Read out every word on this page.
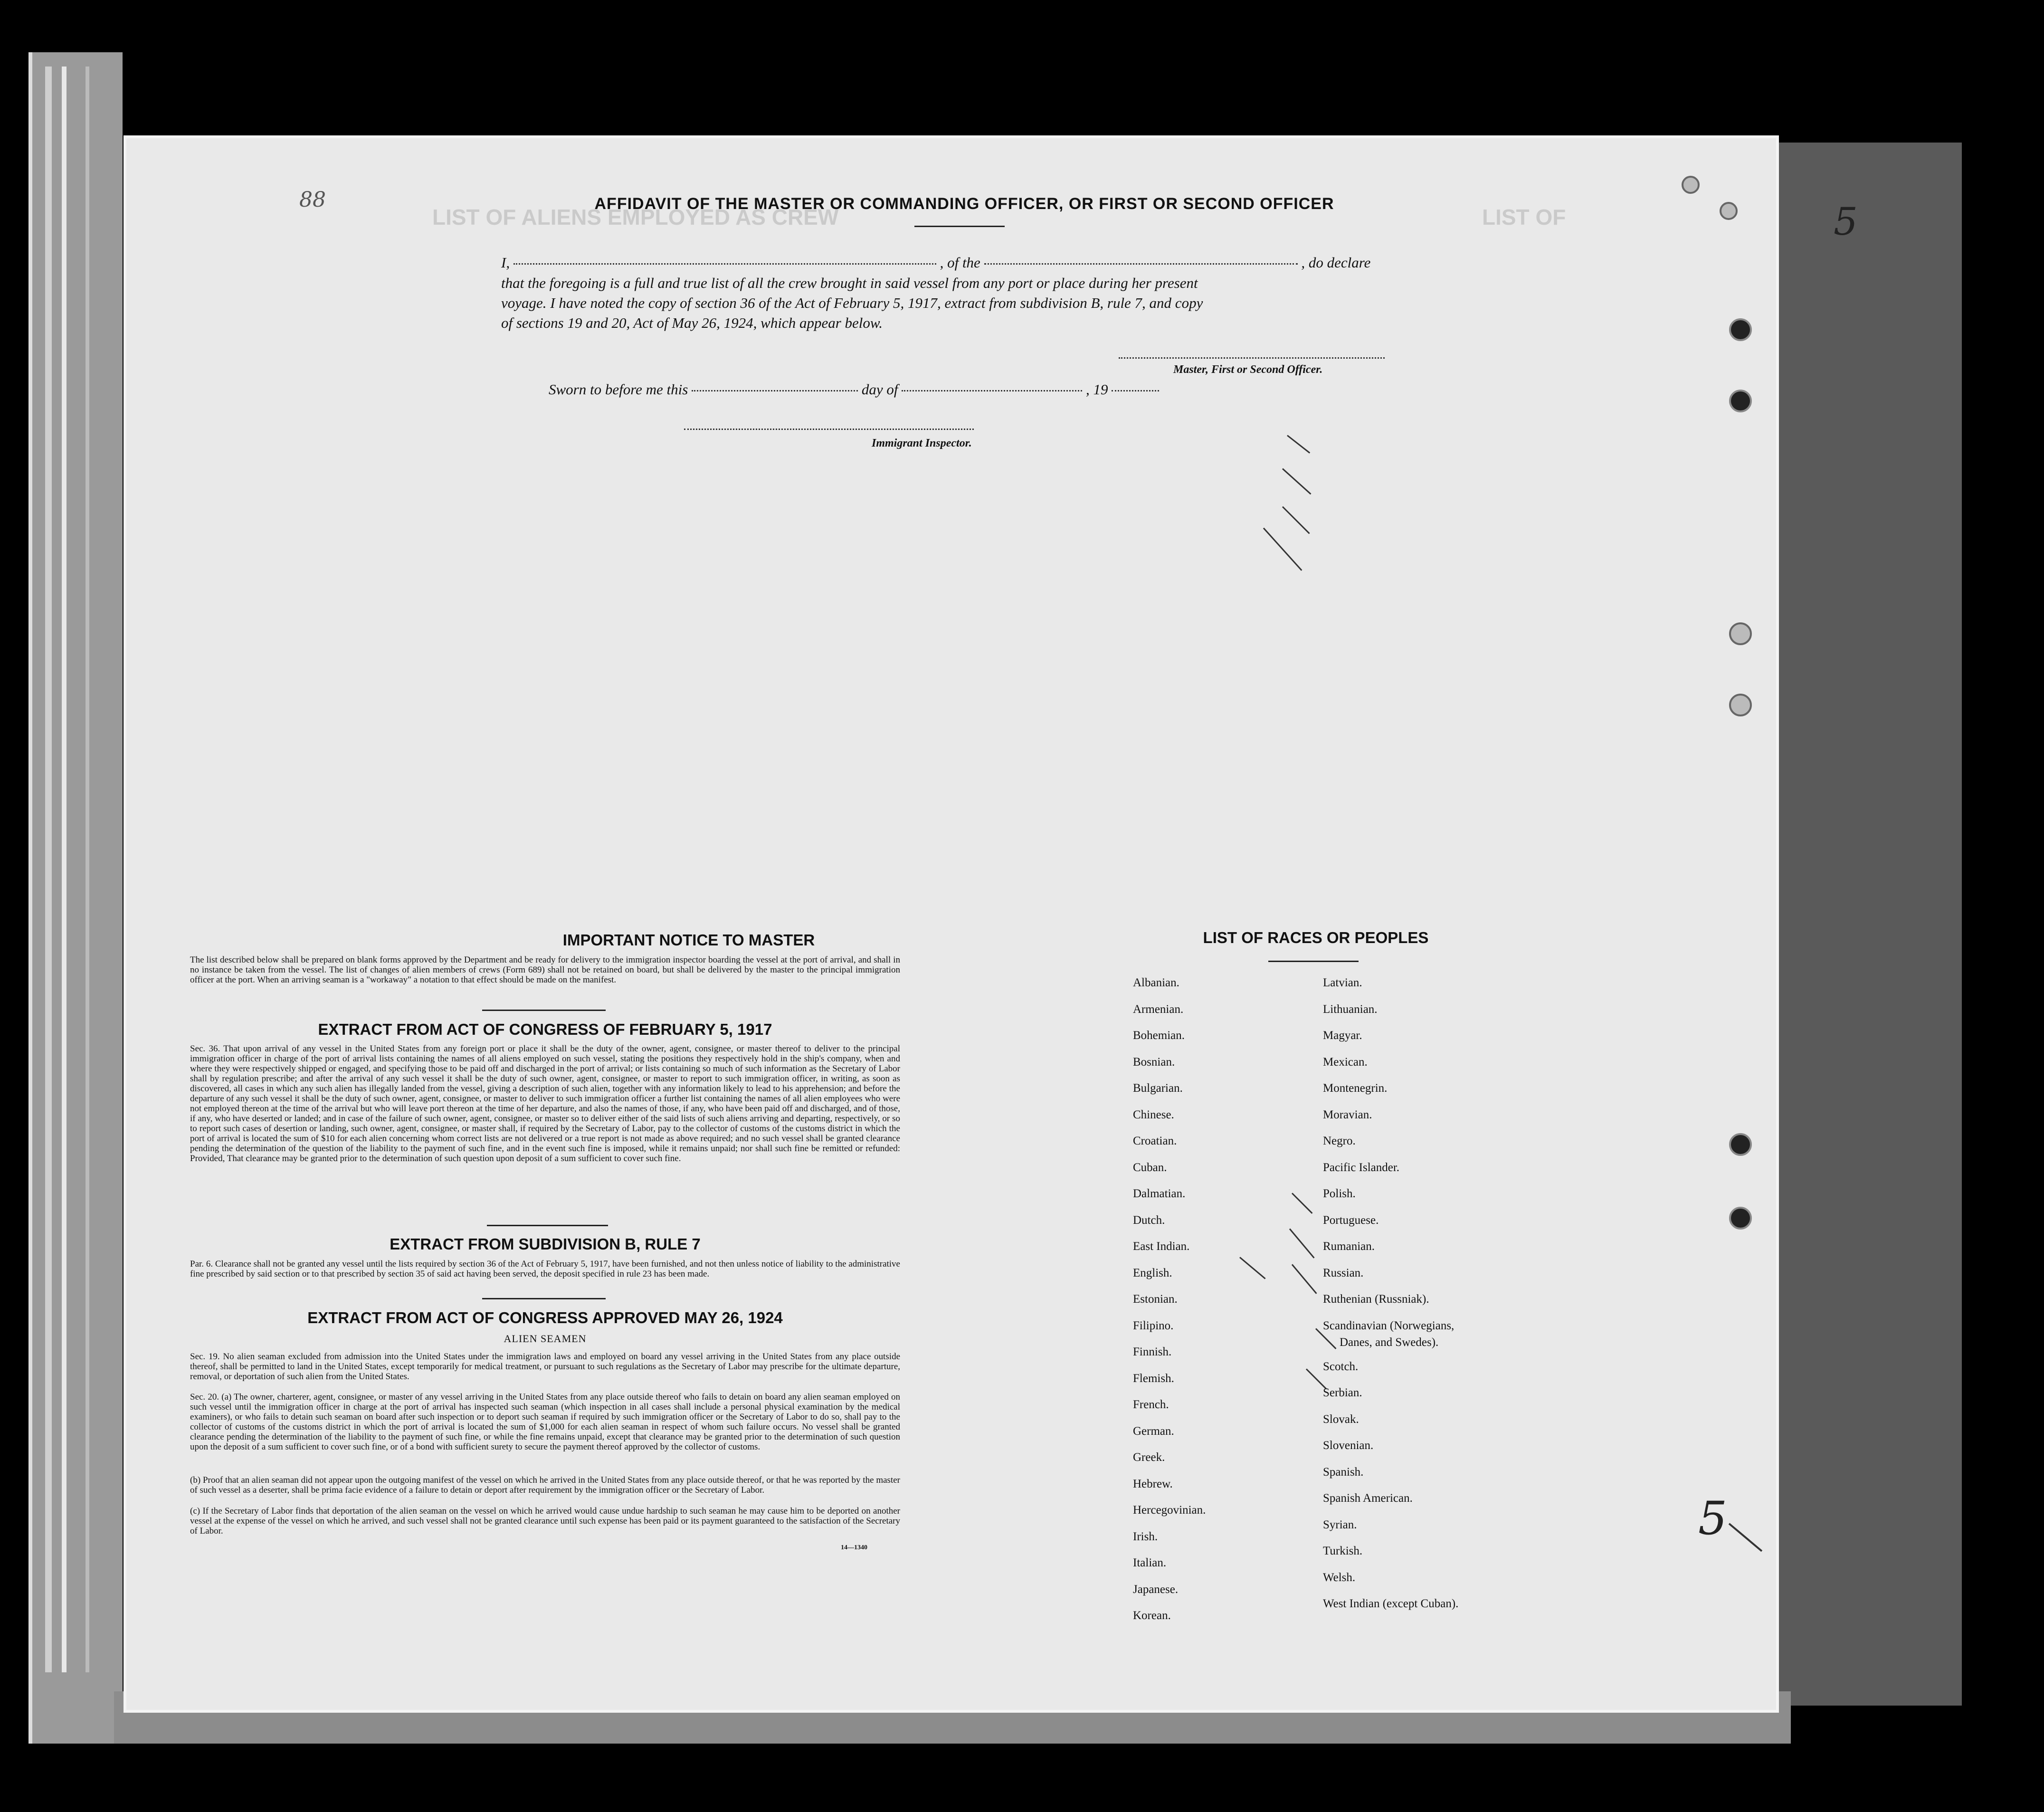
LIST OF ALIENS EMPLOYED AS CREW	LIST OF
88	5
5
AFFIDAVIT OF THE MASTER OR COMMANDING OFFICER, OR FIRST OR SECOND OFFICER
I,	, of the	, do declare
that the foregoing is a full and true list of all the crew brought in said vessel from any port or place during her present
voyage. I have noted the copy of section 36 of the Act of February 5, 1917, extract from subdivision B, rule 7, and copy
of sections 19 and 20, Act of May 26, 1924, which appear below.
Master, First or Second Officer.
Sworn to before me this	day of	, 19
Immigrant Inspector.
IMPORTANT NOTICE TO MASTER
The list described below shall be prepared on blank forms approved by the Department and be ready for delivery to the immigration inspector boarding the vessel at the port of arrival, and shall in no instance be taken from the vessel. The list of changes of alien members of crews (Form 689) shall not be retained on board, but shall be delivered by the master to the principal immigration officer at the port. When an arriving seaman is a "workaway" a notation to that effect should be made on the manifest.
EXTRACT FROM ACT OF CONGRESS OF FEBRUARY 5, 1917
Sec. 36. That upon arrival of any vessel in the United States from any foreign port or place it shall be the duty of the owner, agent, consignee, or master thereof to deliver to the principal immigration officer in charge of the port of arrival lists containing the names of all aliens employed on such vessel, stating the positions they respectively hold in the ship's company, when and where they were respectively shipped or engaged, and specifying those to be paid off and discharged in the port of arrival; or lists containing so much of such information as the Secretary of Labor shall by regulation prescribe; and after the arrival of any such vessel it shall be the duty of such owner, agent, consignee, or master to report to such immigration officer, in writing, as soon as discovered, all cases in which any such alien has illegally landed from the vessel, giving a description of such alien, together with any information likely to lead to his apprehension; and before the departure of any such vessel it shall be the duty of such owner, agent, consignee, or master to deliver to such immigration officer a further list containing the names of all alien employees who were not employed thereon at the time of the arrival but who will leave port thereon at the time of her departure, and also the names of those, if any, who have been paid off and discharged, and of those, if any, who have deserted or landed; and in case of the failure of such owner, agent, consignee, or master so to deliver either of the said lists of such aliens arriving and departing, respectively, or so to report such cases of desertion or landing, such owner, agent, consignee, or master shall, if required by the Secretary of Labor, pay to the collector of customs of the customs district in which the port of arrival is located the sum of $10 for each alien concerning whom correct lists are not delivered or a true report is not made as above required; and no such vessel shall be granted clearance pending the determination of the question of the liability to the payment of such fine, and in the event such fine is imposed, while it remains unpaid; nor shall such fine be remitted or refunded: Provided, That clearance may be granted prior to the determination of such question upon deposit of a sum sufficient to cover such fine.
EXTRACT FROM SUBDIVISION B, RULE 7
Par. 6. Clearance shall not be granted any vessel until the lists required by section 36 of the Act of February 5, 1917, have been furnished, and not then unless notice of liability to the administrative fine prescribed by said section or to that prescribed by section 35 of said act having been served, the deposit specified in rule 23 has been made.
EXTRACT FROM ACT OF CONGRESS APPROVED MAY 26, 1924
ALIEN SEAMEN
Sec. 19. No alien seaman excluded from admission into the United States under the immigration laws and employed on board any vessel arriving in the United States from any place outside thereof, shall be permitted to land in the United States, except temporarily for medical treatment, or pursuant to such regulations as the Secretary of Labor may prescribe for the ultimate departure, removal, or deportation of such alien from the United States.
Sec. 20. (a) The owner, charterer, agent, consignee, or master of any vessel arriving in the United States from any place outside thereof who fails to detain on board any alien seaman employed on such vessel until the immigration officer in charge at the port of arrival has inspected such seaman (which inspection in all cases shall include a personal physical examination by the medical examiners), or who fails to detain such seaman on board after such inspection or to deport such seaman if required by such immigration officer or the Secretary of Labor to do so, shall pay to the collector of customs of the customs district in which the port of arrival is located the sum of $1,000 for each alien seaman in respect of whom such failure occurs. No vessel shall be granted clearance pending the determination of the liability to the payment of such fine, or while the fine remains unpaid, except that clearance may be granted prior to the determination of such question upon the deposit of a sum sufficient to cover such fine, or of a bond with sufficient surety to secure the payment thereof approved by the collector of customs.
(b) Proof that an alien seaman did not appear upon the outgoing manifest of the vessel on which he arrived in the United States from any place outside thereof, or that he was reported by the master of such vessel as a deserter, shall be prima facie evidence of a failure to detain or deport after requirement by the immigration officer or the Secretary of Labor.
(c) If the Secretary of Labor finds that deportation of the alien seaman on the vessel on which he arrived would cause undue hardship to such seaman he may cause him to be deported on another vessel at the expense of the vessel on which he arrived, and such vessel shall not be granted clearance until such expense has been paid or its payment guaranteed to the satisfaction of the Secretary of Labor.
14—1340
LIST OF RACES OR PEOPLES
Albanian.
Armenian.
Bohemian.
Bosnian.
Bulgarian.
Chinese.
Croatian.
Cuban.
Dalmatian.
Dutch.
East Indian.
English.
Estonian.
Filipino.
Finnish.
Flemish.
French.
German.
Greek.
Hebrew.
Hercegovinian.
Irish.
Italian.
Japanese.
Korean.
Latvian.
Lithuanian.
Magyar.
Mexican.
Montenegrin.
Moravian.
Negro.
Pacific Islander.
Polish.
Portuguese.
Rumanian.
Russian.
Ruthenian (Russniak).
Scandinavian (Norwegians,
Scotch.
Serbian.
Slovak.
Slovenian.
Spanish.
Spanish American.
Syrian.
Turkish.
Welsh.
West Indian (except Cuban).
Danes, and Swedes).
